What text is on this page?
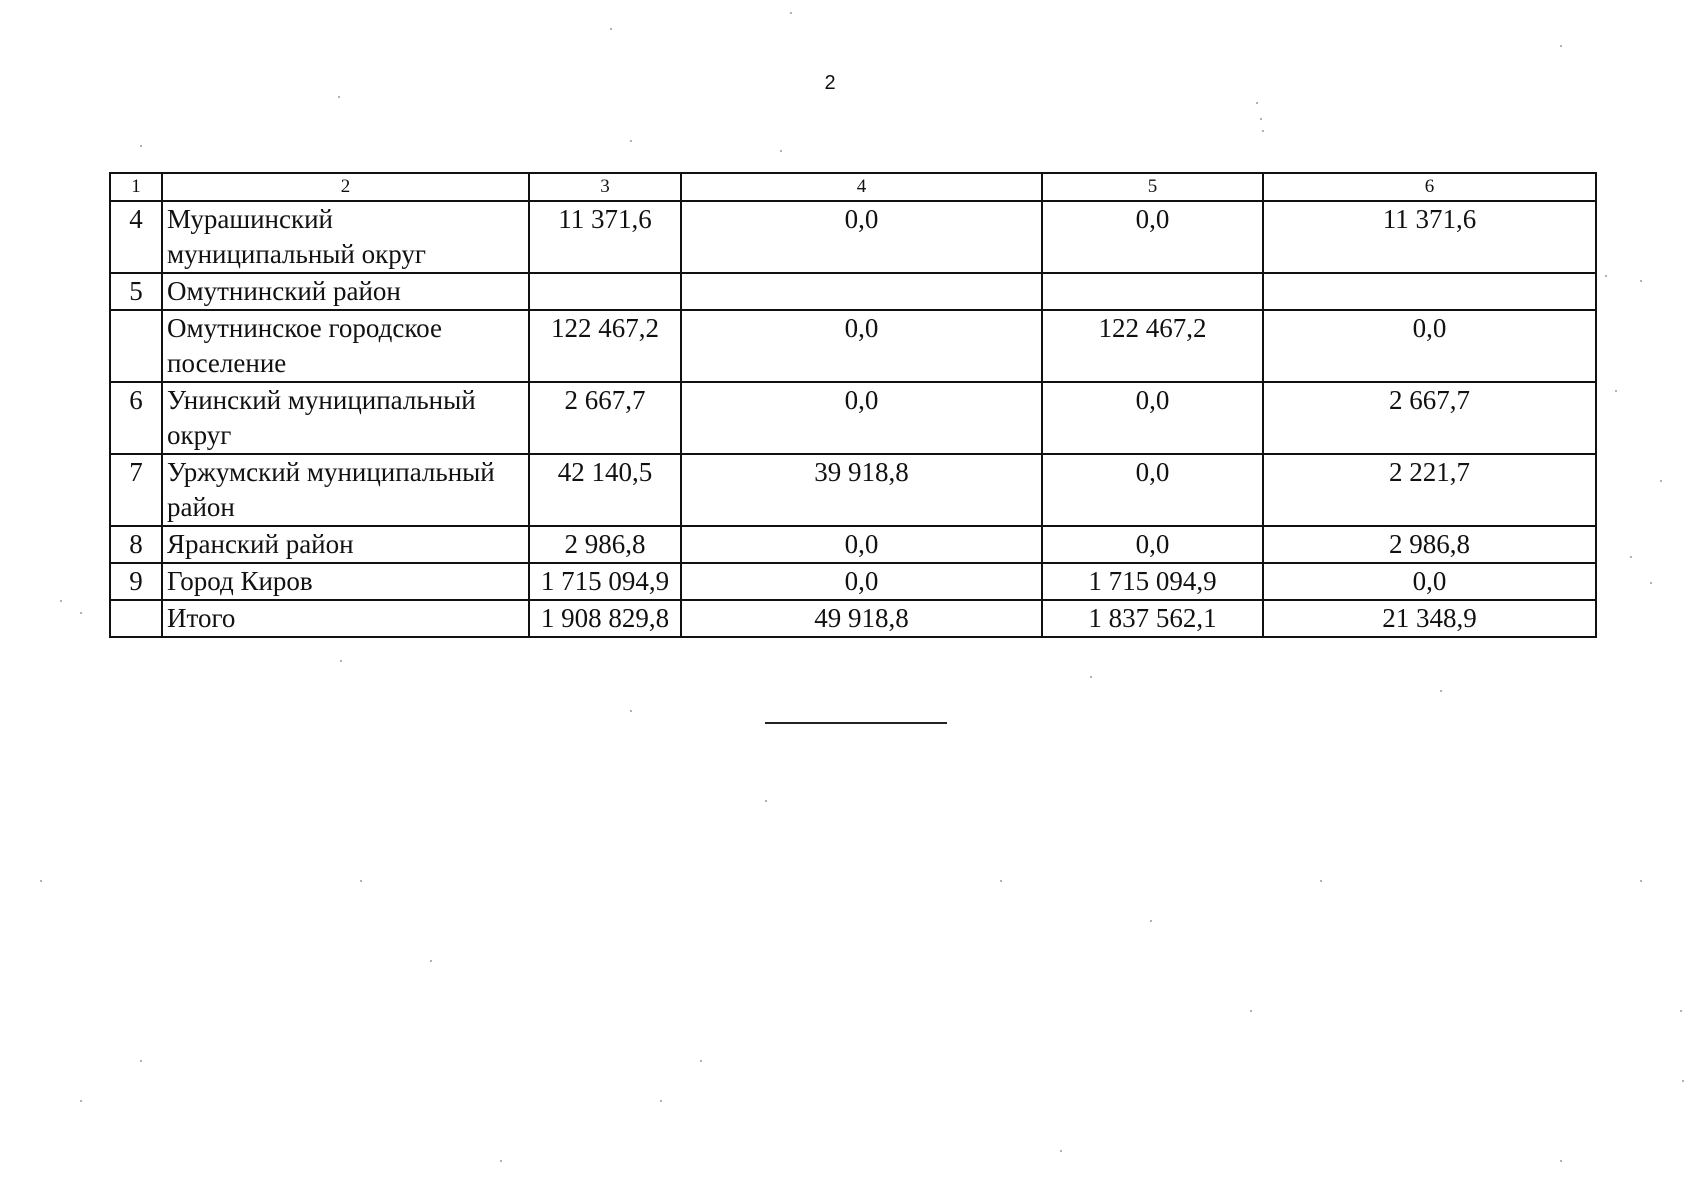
2
1	2	3	4	5	6
4	Мурашинский муниципальный округ	11 371,6	0,0	0,0	11 371,6
5	Омутнинский район				
	Омутнинское городское поселение	122 467,2	0,0	122 467,2	0,0
6	Унинский муниципальный округ	2 667,7	0,0	0,0	2 667,7
7	Уржумский муниципальный район	42 140,5	39 918,8	0,0	2 221,7
8	Яранский район	2 986,8	0,0	0,0	2 986,8
9	Город Киров	1 715 094,9	0,0	1 715 094,9	0,0
	Итого	1 908 829,8	49 918,8	1 837 562,1	21 348,9
